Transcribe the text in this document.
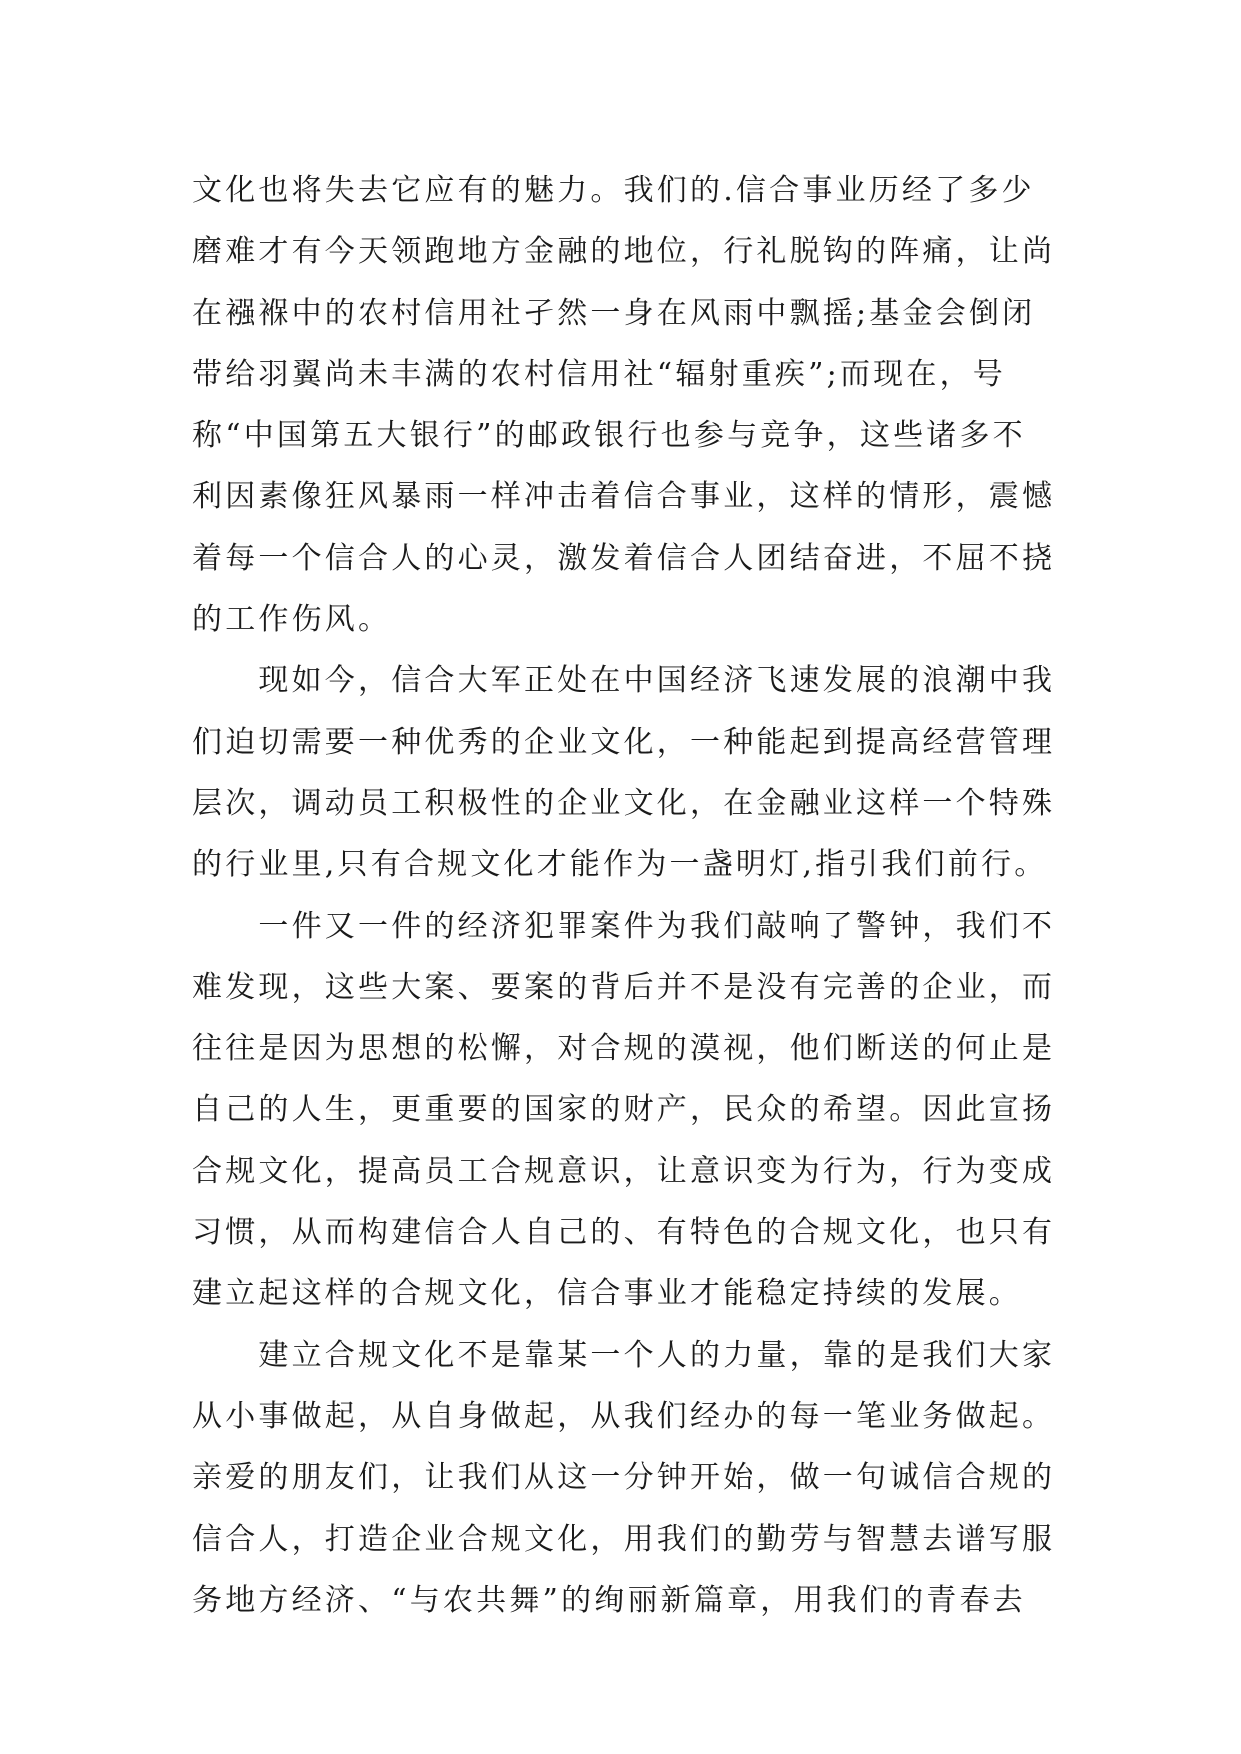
文化也将失去它应有的魅力。我们的.信合事业历经了多少
磨难才有今天领跑地方金融的地位，行礼脱钩的阵痛，让尚
在襁褓中的农村信用社孑然一身在风雨中飘摇;基金会倒闭
带给羽翼尚未丰满的农村信用社“辐射重疾”;而现在，号
称“中国第五大银行”的邮政银行也参与竞争，这些诸多不
利因素像狂风暴雨一样冲击着信合事业，这样的情形，震憾
着每一个信合人的心灵，激发着信合人团结奋进，不屈不挠
的工作伤风。
　　现如今，信合大军正处在中国经济飞速发展的浪潮中我
们迫切需要一种优秀的企业文化，一种能起到提高经营管理
层次，调动员工积极性的企业文化，在金融业这样一个特殊
的行业里,只有合规文化才能作为一盏明灯,指引我们前行。
　　一件又一件的经济犯罪案件为我们敲响了警钟，我们不
难发现，这些大案、要案的背后并不是没有完善的企业，而
往往是因为思想的松懈，对合规的漠视，他们断送的何止是
自己的人生，更重要的国家的财产，民众的希望。因此宣扬
合规文化，提高员工合规意识，让意识变为行为，行为变成
习惯，从而构建信合人自己的、有特色的合规文化，也只有
建立起这样的合规文化，信合事业才能稳定持续的发展。
　　建立合规文化不是靠某一个人的力量，靠的是我们大家
从小事做起，从自身做起，从我们经办的每一笔业务做起。
亲爱的朋友们，让我们从这一分钟开始，做一句诚信合规的
信合人，打造企业合规文化，用我们的勤劳与智慧去谱写服
务地方经济、“与农共舞”的绚丽新篇章，用我们的青春去
